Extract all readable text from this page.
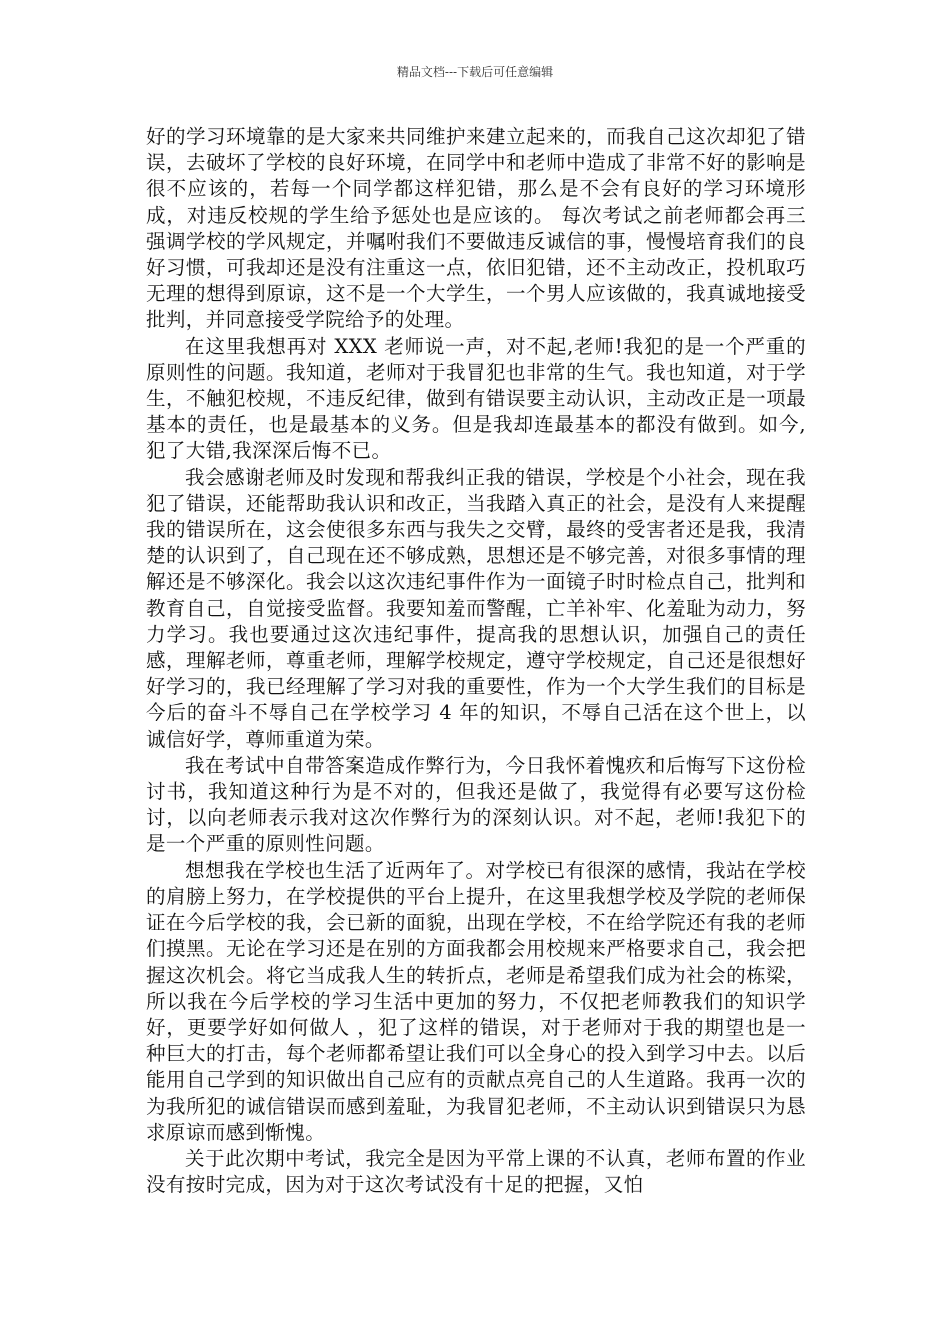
精品文档---下载后可任意编辑

好的学习环境靠的是大家来共同维护来建立起来的，而我自己这次却犯了错误，去破坏了学校的良好环境，在同学中和老师中造成了非常不好的影响是很不应该的，若每一个同学都这样犯错，那么是不会有良好的学习环境形成，对违反校规的学生给予惩处也是应该的。 每次考试之前老师都会再三强调学校的学风规定，并嘱咐我们不要做违反诚信的事，慢慢培育我们的良好习惯，可我却还是没有注重这一点，依旧犯错，还不主动改正，投机取巧无理的想得到原谅，这不是一个大学生，一个男人应该做的，我真诚地接受批判，并同意接受学院给予的处理。

在这里我想再对 XXX 老师说一声，对不起,老师!我犯的是一个严重的原则性的问题。我知道，老师对于我冒犯也非常的生气。我也知道，对于学生，不触犯校规，不违反纪律，做到有错误要主动认识，主动改正是一项最基本的责任，也是最基本的义务。但是我却连最基本的都没有做到。如今,犯了大错,我深深后悔不已。

我会感谢老师及时发现和帮我纠正我的错误，学校是个小社会，现在我犯了错误，还能帮助我认识和改正，当我踏入真正的社会，是没有人来提醒我的错误所在，这会使很多东西与我失之交臂，最终的受害者还是我，我清楚的认识到了，自己现在还不够成熟，思想还是不够完善，对很多事情的理解还是不够深化。我会以这次违纪事件作为一面镜子时时检点自己，批判和教育自己，自觉接受监督。我要知羞而警醒，亡羊补牢、化羞耻为动力，努力学习。我也要通过这次违纪事件，提高我的思想认识，加强自己的责任感，理解老师，尊重老师，理解学校规定，遵守学校规定，自己还是很想好好学习的，我已经理解了学习对我的重要性，作为一个大学生我们的目标是今后的奋斗不辱自己在学校学习 4 年的知识，不辱自己活在这个世上，以诚信好学，尊师重道为荣。

我在考试中自带答案造成作弊行为，今日我怀着愧疚和后悔写下这份检讨书，我知道这种行为是不对的，但我还是做了，我觉得有必要写这份检讨，以向老师表示我对这次作弊行为的深刻认识。对不起，老师!我犯下的是一个严重的原则性问题。

想想我在学校也生活了近两年了。对学校已有很深的感情，我站在学校的肩膀上努力，在学校提供的平台上提升，在这里我想学校及学院的老师保证在今后学校的我，会已新的面貌，出现在学校，不在给学院还有我的老师们摸黑。无论在学习还是在别的方面我都会用校规来严格要求自己，我会把握这次机会。将它当成我人生的转折点，老师是希望我们成为社会的栋梁，所以我在今后学校的学习生活中更加的努力，不仅把老师教我们的知识学好，更要学好如何做人 ，犯了这样的错误，对于老师对于我的期望也是一种巨大的打击，每个老师都希望让我们可以全身心的投入到学习中去。以后能用自己学到的知识做出自己应有的贡献点亮自己的人生道路。我再一次的为我所犯的诚信错误而感到羞耻，为我冒犯老师，不主动认识到错误只为恳求原谅而感到惭愧。

关于此次期中考试，我完全是因为平常上课的不认真，老师布置的作业没有按时完成，因为对于这次考试没有十足的把握，又怕
